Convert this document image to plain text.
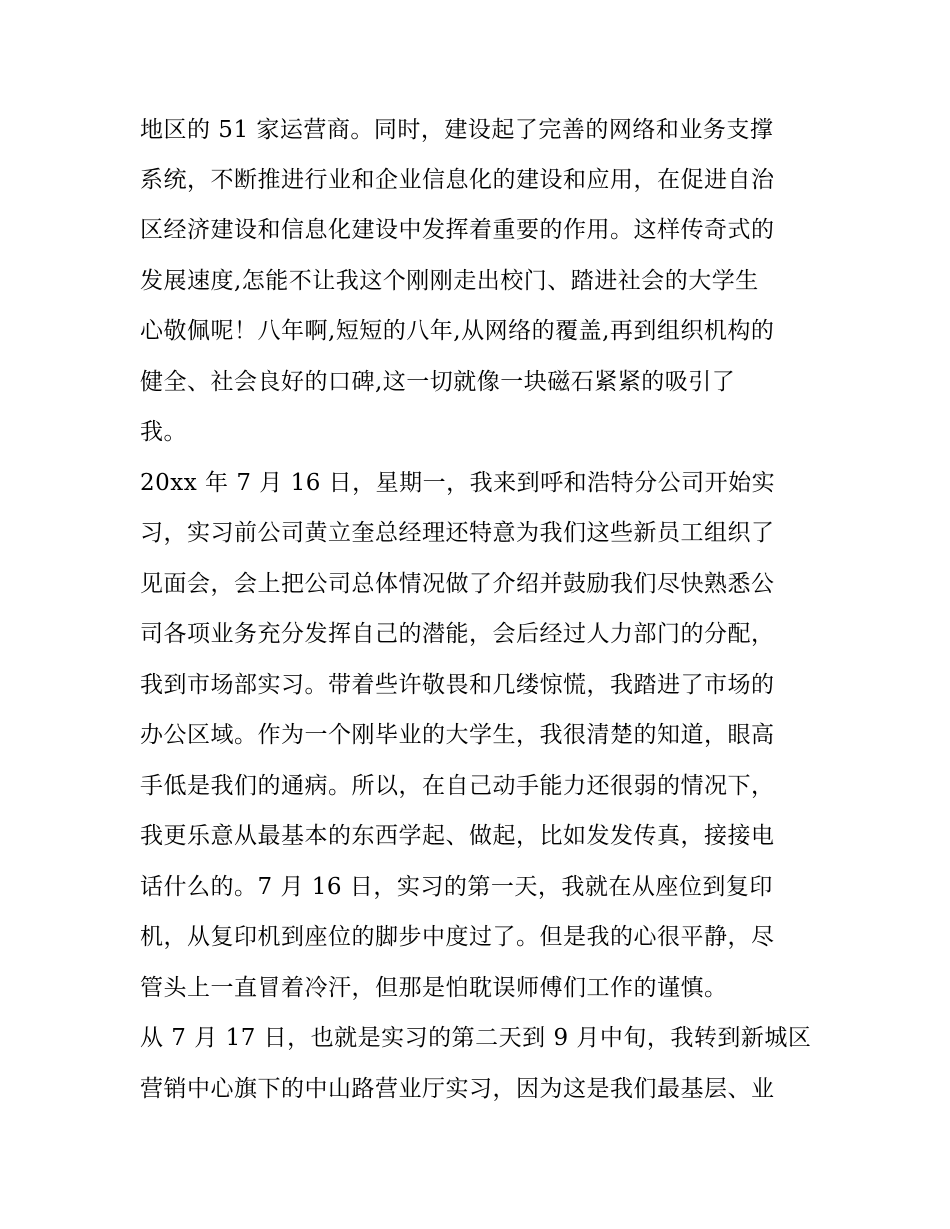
地区的 51 家运营商。同时，建设起了完善的网络和业务支撑
系统，不断推进行业和企业信息化的建设和应用，在促进自治
区经济建设和信息化建设中发挥着重要的作用。这样传奇式的
发展速度,怎能不让我这个刚刚走出校门、踏进社会的大学生
心敬佩呢！八年啊,短短的八年,从网络的覆盖,再到组织机构的
健全、社会良好的口碑,这一切就像一块磁石紧紧的吸引了
我。
20xx 年 7 月 16 日，星期一，我来到呼和浩特分公司开始实
习，实习前公司黄立奎总经理还特意为我们这些新员工组织了
见面会，会上把公司总体情况做了介绍并鼓励我们尽快熟悉公
司各项业务充分发挥自己的潜能，会后经过人力部门的分配，
我到市场部实习。带着些许敬畏和几缕惊慌，我踏进了市场的
办公区域。作为一个刚毕业的大学生，我很清楚的知道，眼高
手低是我们的通病。所以，在自己动手能力还很弱的情况下，
我更乐意从最基本的东西学起、做起，比如发发传真，接接电
话什么的。7 月 16 日，实习的第一天，我就在从座位到复印
机，从复印机到座位的脚步中度过了。但是我的心很平静，尽
管头上一直冒着冷汗，但那是怕耽误师傅们工作的谨慎。
从 7 月 17 日，也就是实习的第二天到 9 月中旬，我转到新城区
营销中心旗下的中山路营业厅实习，因为这是我们最基层、业
